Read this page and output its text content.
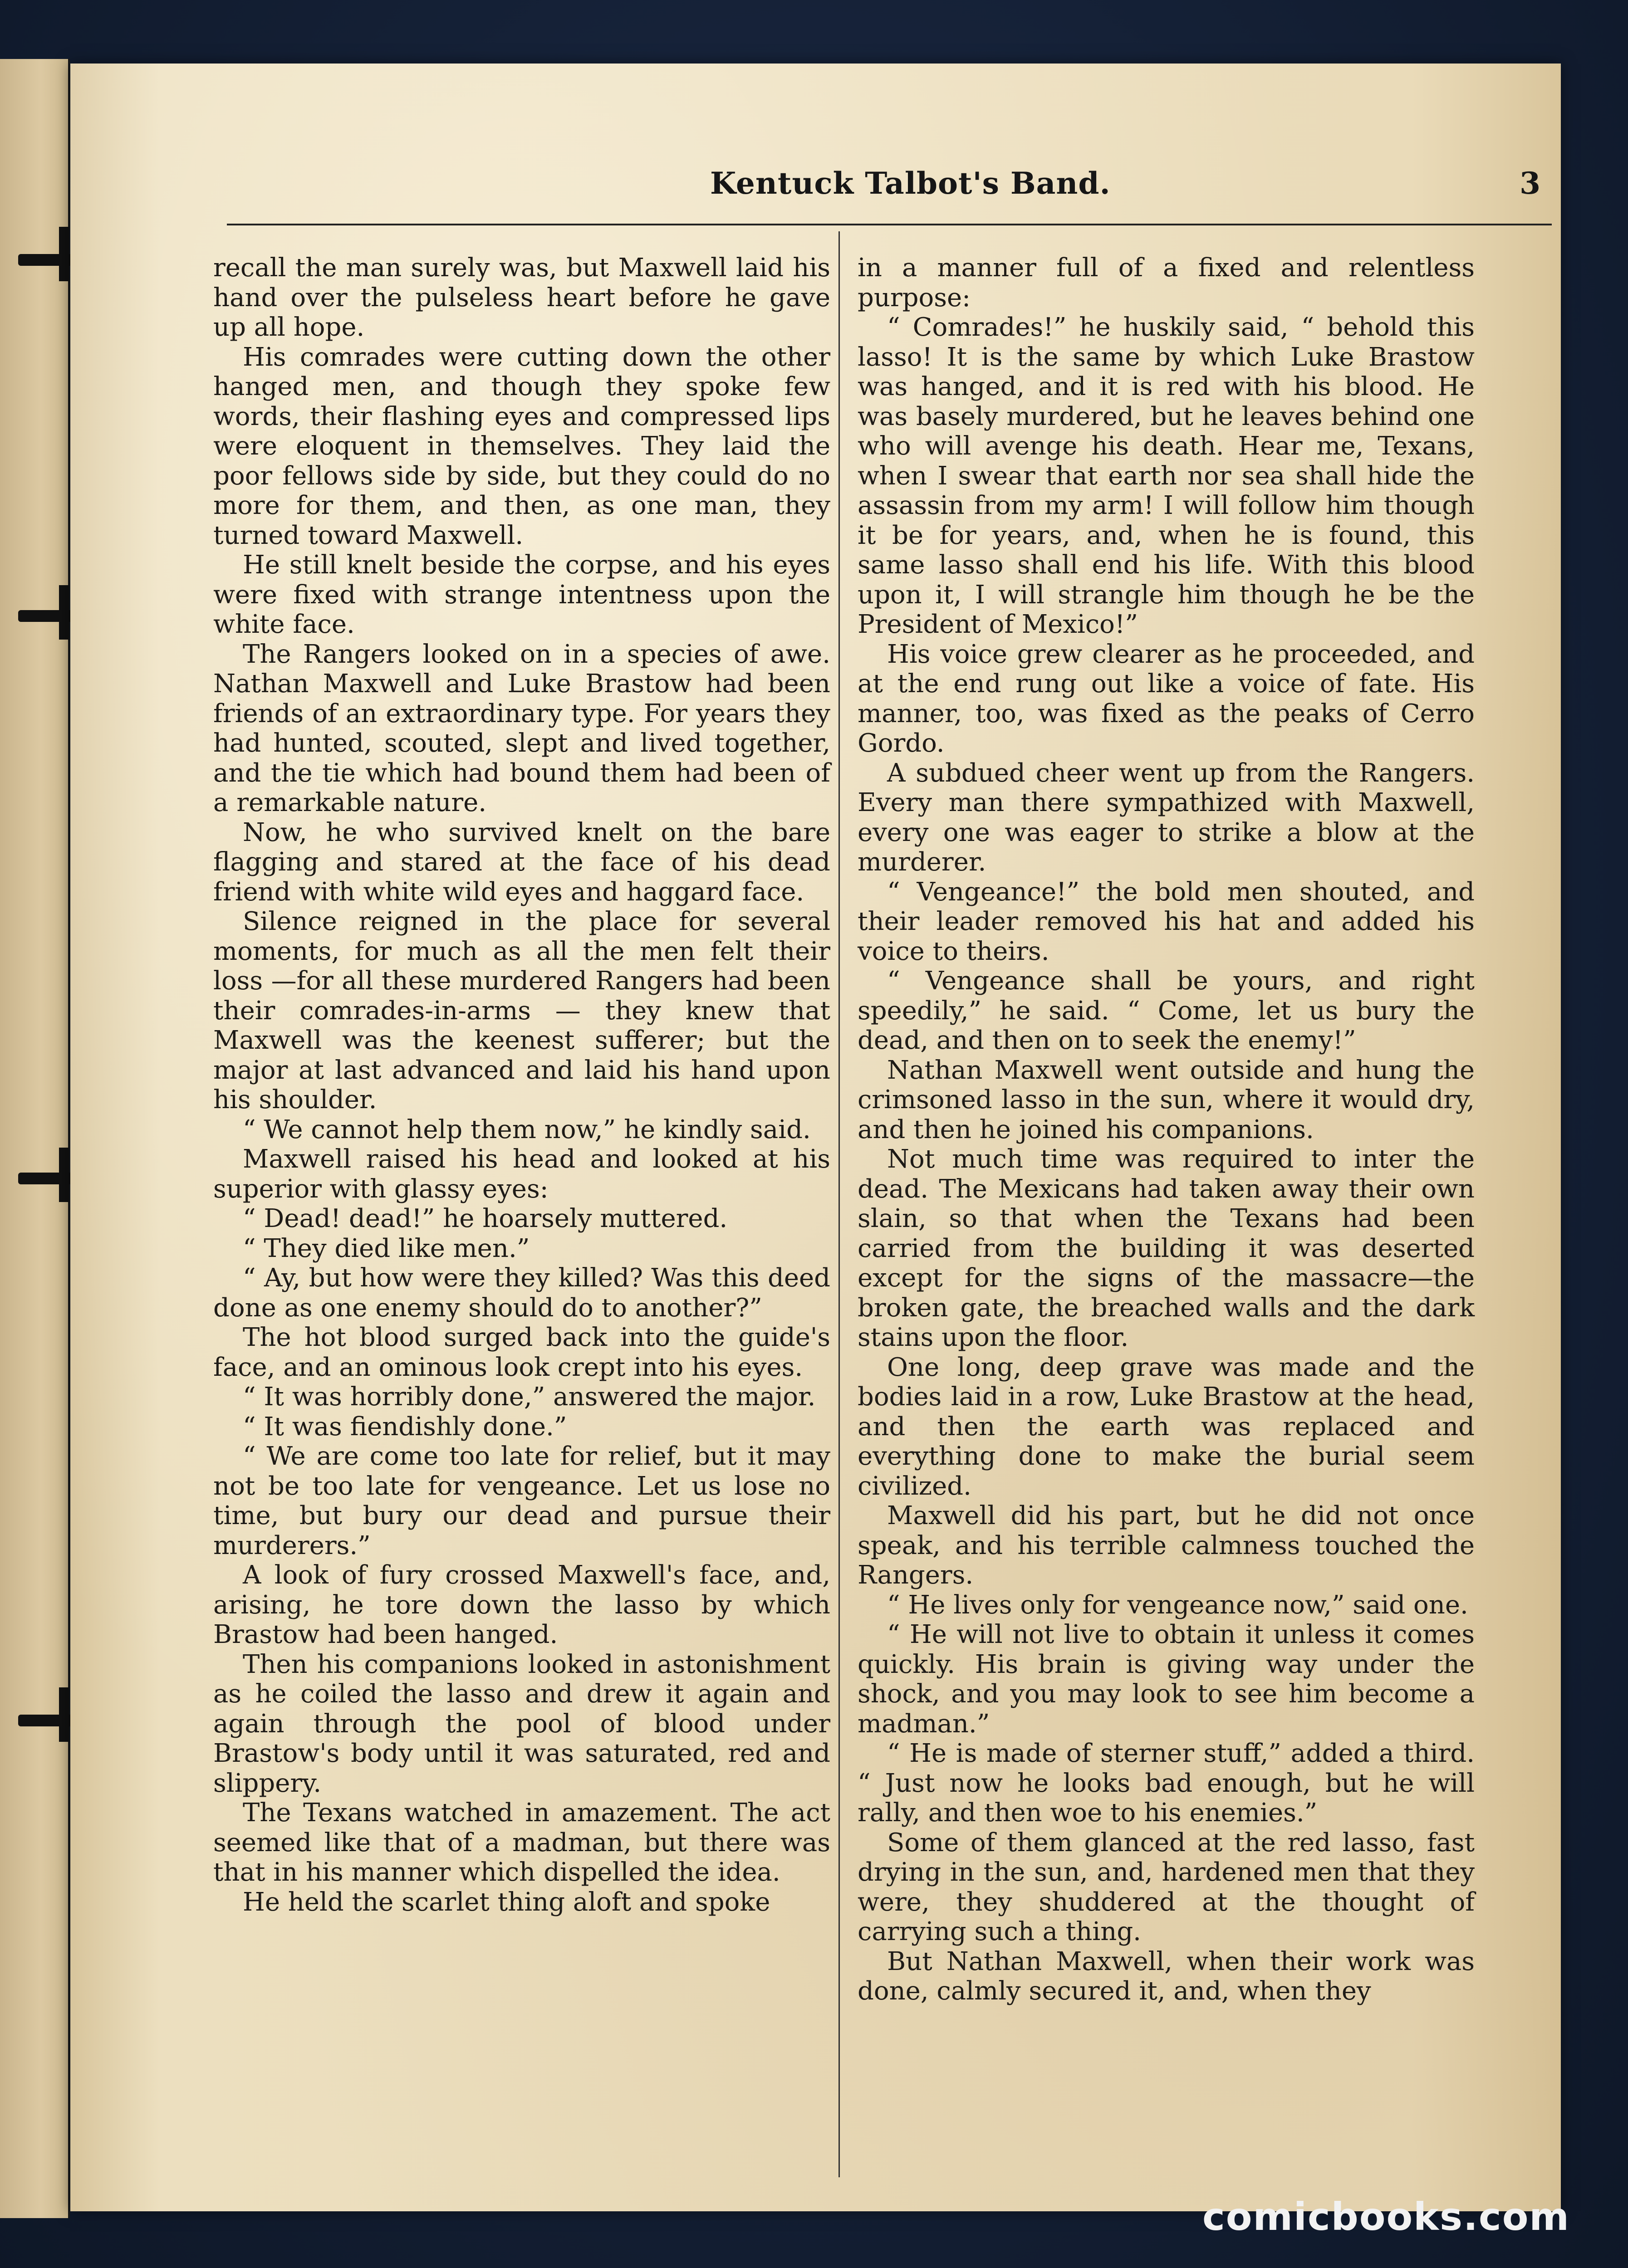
Kentuck Talbot's Band.	3

recall the man surely was, but Maxwell laid his hand over the pulseless heart before he gave up all hope.

His comrades were cutting down the other hanged men, and though they spoke few words, their flashing eyes and compressed lips were eloquent in themselves. They laid the poor fellows side by side, but they could do no more for them, and then, as one man, they turned toward Maxwell.

He still knelt beside the corpse, and his eyes were fixed with strange intentness upon the white face.

The Rangers looked on in a species of awe. Nathan Maxwell and Luke Brastow had been friends of an extraordinary type. For years they had hunted, scouted, slept and lived together, and the tie which had bound them had been of a remarkable nature.

Now, he who survived knelt on the bare flagging and stared at the face of his dead friend with white wild eyes and haggard face.

Silence reigned in the place for several moments, for much as all the men felt their loss —for all these murdered Rangers had been their comrades-in-arms — they knew that Maxwell was the keenest sufferer; but the major at last advanced and laid his hand upon his shoulder.

“ We cannot help them now,” he kindly said.

Maxwell raised his head and looked at his superior with glassy eyes:

“ Dead! dead!” he hoarsely muttered.

“ They died like men.”

“ Ay, but how were they killed? Was this deed done as one enemy should do to another?”

The hot blood surged back into the guide's face, and an ominous look crept into his eyes.

“ It was horribly done,” answered the major.

“ It was fiendishly done.”

“ We are come too late for relief, but it may not be too late for vengeance. Let us lose no time, but bury our dead and pursue their murderers.”

A look of fury crossed Maxwell's face, and, arising, he tore down the lasso by which Brastow had been hanged.

Then his companions looked in astonishment as he coiled the lasso and drew it again and again through the pool of blood under Brastow's body until it was saturated, red and slippery.

The Texans watched in amazement. The act seemed like that of a madman, but there was that in his manner which dispelled the idea.

He held the scarlet thing aloft and spoke

in a manner full of a fixed and relentless purpose:

“ Comrades!” he huskily said, “ behold this lasso! It is the same by which Luke Brastow was hanged, and it is red with his blood. He was basely murdered, but he leaves behind one who will avenge his death. Hear me, Texans, when I swear that earth nor sea shall hide the assassin from my arm! I will follow him though it be for years, and, when he is found, this same lasso shall end his life. With this blood upon it, I will strangle him though he be the President of Mexico!”

His voice grew clearer as he proceeded, and at the end rung out like a voice of fate. His manner, too, was fixed as the peaks of Cerro Gordo.

A subdued cheer went up from the Rangers. Every man there sympathized with Maxwell, every one was eager to strike a blow at the murderer.

“ Vengeance!” the bold men shouted, and their leader removed his hat and added his voice to theirs.

“ Vengeance shall be yours, and right speedily,” he said. “ Come, let us bury the dead, and then on to seek the enemy!”

Nathan Maxwell went outside and hung the crimsoned lasso in the sun, where it would dry, and then he joined his companions.

Not much time was required to inter the dead. The Mexicans had taken away their own slain, so that when the Texans had been carried from the building it was deserted except for the signs of the massacre—the broken gate, the breached walls and the dark stains upon the floor.

One long, deep grave was made and the bodies laid in a row, Luke Brastow at the head, and then the earth was replaced and everything done to make the burial seem civilized.

Maxwell did his part, but he did not once speak, and his terrible calmness touched the Rangers.

“ He lives only for vengeance now,” said one.

“ He will not live to obtain it unless it comes quickly. His brain is giving way under the shock, and you may look to see him become a madman.”

“ He is made of sterner stuff,” added a third. “ Just now he looks bad enough, but he will rally, and then woe to his enemies.”

Some of them glanced at the red lasso, fast drying in the sun, and, hardened men that they were, they shuddered at the thought of carrying such a thing.

But Nathan Maxwell, when their work was done, calmly secured it, and, when they

comicbooks.com
